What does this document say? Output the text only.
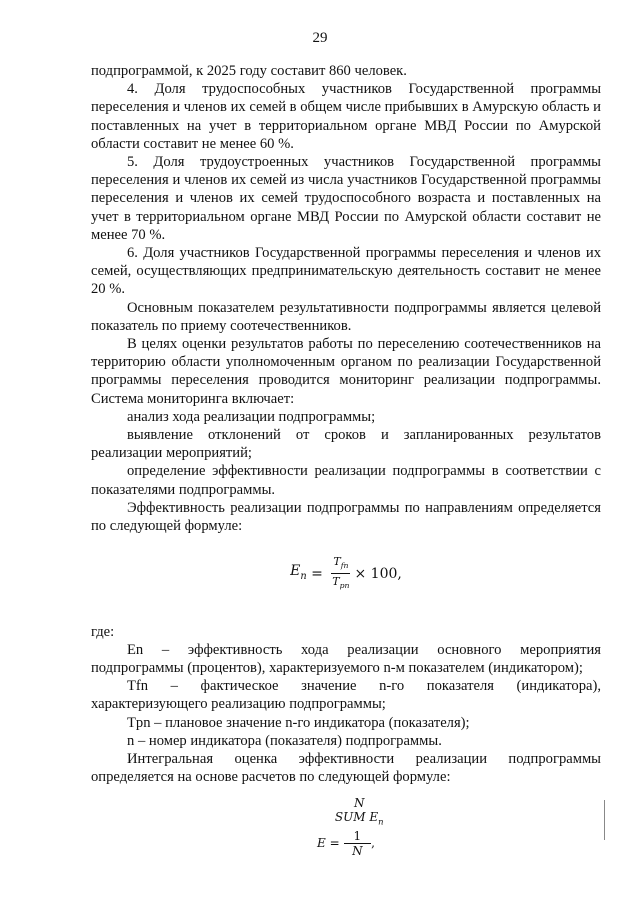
29

подпрограммой, к 2025 году составит 860 человек.

4. Доля трудоспособных участников Государственной программы переселения и членов их семей в общем числе прибывших в Амурскую область и поставленных на учет в территориальном органе МВД России по Амурской области составит не менее 60 %.

5. Доля трудоустроенных участников Государственной программы переселения и членов их семей из числа участников Государственной программы переселения и членов их семей трудоспособного возраста и поставленных на учет в территориальном органе МВД России по Амурской области составит не менее 70 %.

6. Доля участников Государственной программы переселения и членов их семей, осуществляющих предпринимательскую деятельность составит не менее 20 %.

Основным показателем результативности подпрограммы является целевой показатель по приему соотечественников.

В целях оценки результатов работы по переселению соотечественников на территорию области уполномоченным органом по реализации Государственной программы переселения проводится мониторинг реализации подпрограммы. Система мониторинга включает:

анализ хода реализации подпрограммы;

выявление отклонений от сроков и запланированных результатов реализации мероприятий;

определение эффективности реализации подпрограммы в соответствии с показателями подпрограммы.

Эффективность реализации подпрограммы по направлениям определяется по следующей формуле:

$E_n = \frac{T_{fn}}{T_{pn}} \times 100$,

где:

En – эффективность хода реализации основного мероприятия подпрограммы (процентов), характеризуемого n-м показателем (индикатором);

Tfn – фактическое значение n-го показателя (индикатора), характеризующего реализацию подпрограммы;

Tpn – плановое значение n-го индикатора (показателя);

n – номер индикатора (показателя) подпрограммы.

Интегральная оценка эффективности реализации подпрограммы определяется на основе расчетов по следующей формуле:

N
SUM $E_n$
E =
$\frac{1}{N}$ ,
